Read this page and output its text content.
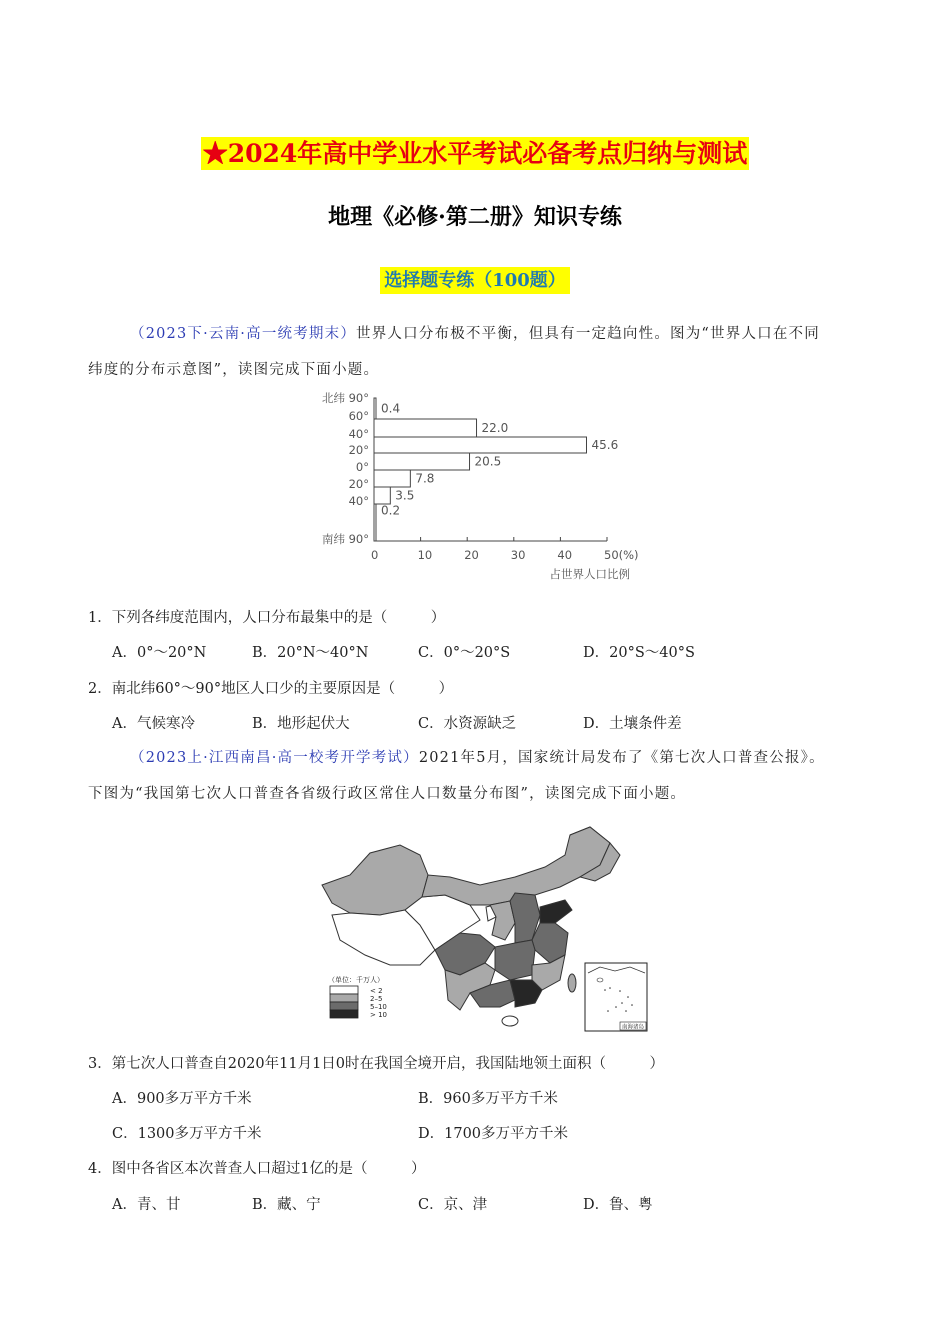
★2024年高中学业水平考试必备考点归纳与测试
地理《必修·第二册》知识专练
选择题专练（100题）
（2023下·云南·高一统考期末）世界人口分布极不平衡，但具有一定趋向性。图为“世界人口在不同
纬度的分布示意图”，读图完成下面小题。
0.4
22.0
45.6
20.5
7.8
3.5
0.2
0	10	20	30	40	50(%)
北纬 90°
60°
40°
20°
0°
20°
40°
南纬 90°
占世界人口比例
1．下列各纬度范围内，人口分布最集中的是（　　　）
A．0°～20°N	B．20°N～40°N	C．0°～20°S	D．20°S～40°S
2．南北纬60°～90°地区人口少的主要原因是（　　　）
A．气候寒冷	B．地形起伏大	C．水资源缺乏	D．土壤条件差
（2023上·江西南昌·高一校考开学考试）2021年5月，国家统计局发布了《第七次人口普查公报》。
下图为“我国第七次人口普查各省级行政区常住人口数量分布图”，读图完成下面小题。
（单位：千万人）
< 2
2–5
5–10
> 10
南海诸岛
3．第七次人口普查自2020年11月1日0时在我国全境开启，我国陆地领土面积（　　　）
A．900多万平方千米	B．960多万平方千米
C．1300多万平方千米	D．1700多万平方千米
4．图中各省区本次普查人口超过1亿的是（　　　）
A．青、甘	B．藏、宁	C．京、津	D．鲁、粤
